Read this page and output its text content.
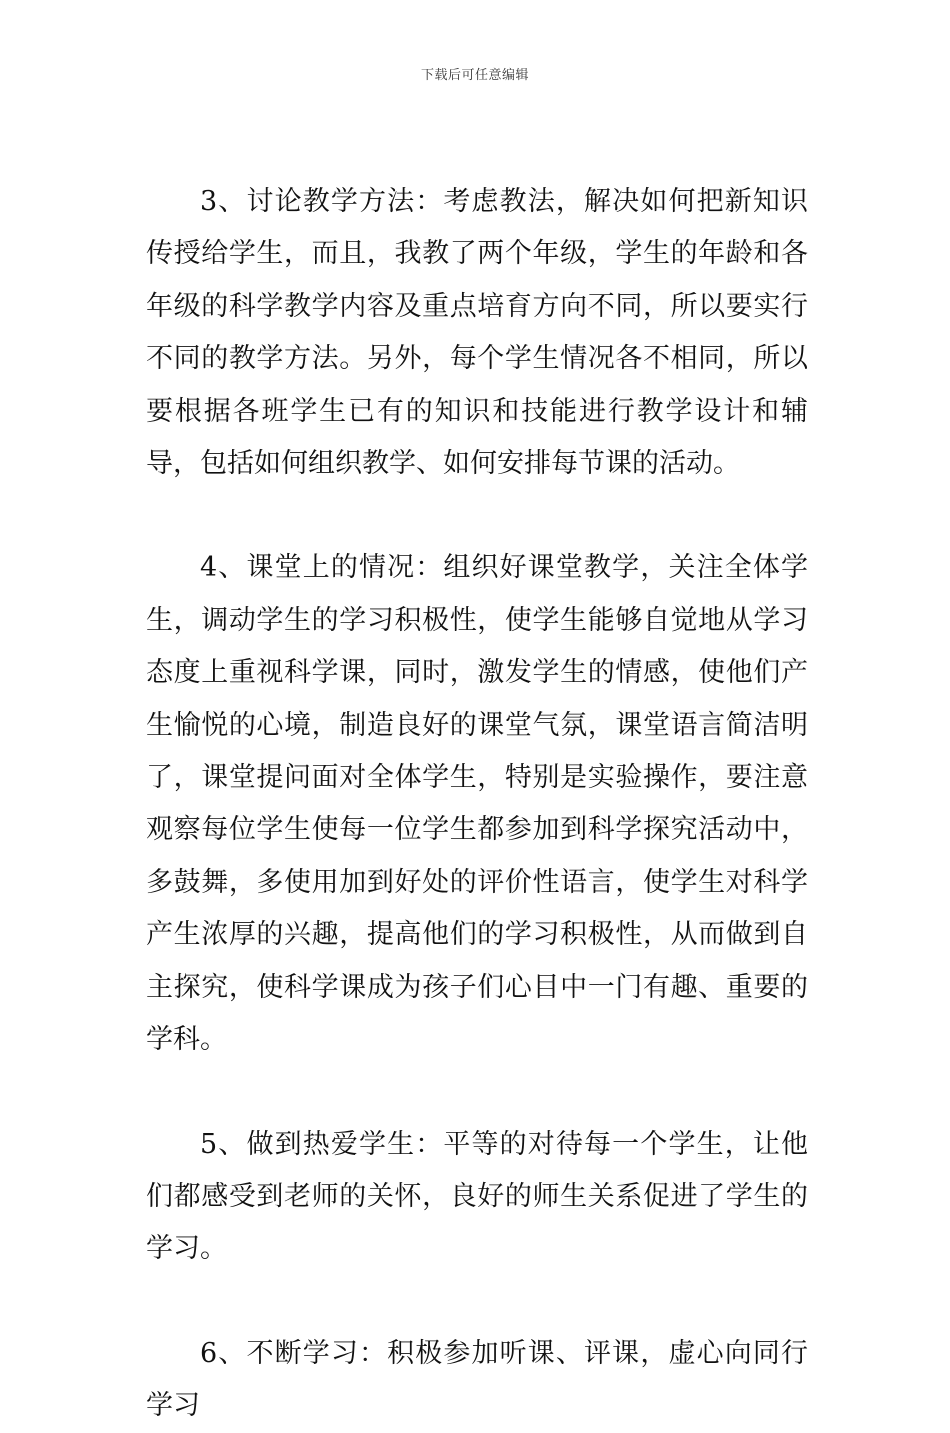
下载后可任意编辑

3、讨论教学方法：考虑教法，解决如何把新知识传授给学生，而且，我教了两个年级，学生的年龄和各年级的科学教学内容及重点培育方向不同，所以要实行不同的教学方法。另外，每个学生情况各不相同，所以要根据各班学生已有的知识和技能进行教学设计和辅导，包括如何组织教学、如何安排每节课的活动。

4、课堂上的情况：组织好课堂教学，关注全体学生，调动学生的学习积极性，使学生能够自觉地从学习态度上重视科学课，同时，激发学生的情感，使他们产生愉悦的心境，制造良好的课堂气氛，课堂语言简洁明了，课堂提问面对全体学生，特别是实验操作，要注意观察每位学生使每一位学生都参加到科学探究活动中，多鼓舞，多使用加到好处的评价性语言，使学生对科学产生浓厚的兴趣，提高他们的学习积极性，从而做到自主探究，使科学课成为孩子们心目中一门有趣、重要的学科。

5、做到热爱学生：平等的对待每一个学生，让他们都感受到老师的关怀，良好的师生关系促进了学生的学习。

6、不断学习：积极参加听课、评课，虚心向同行学习
